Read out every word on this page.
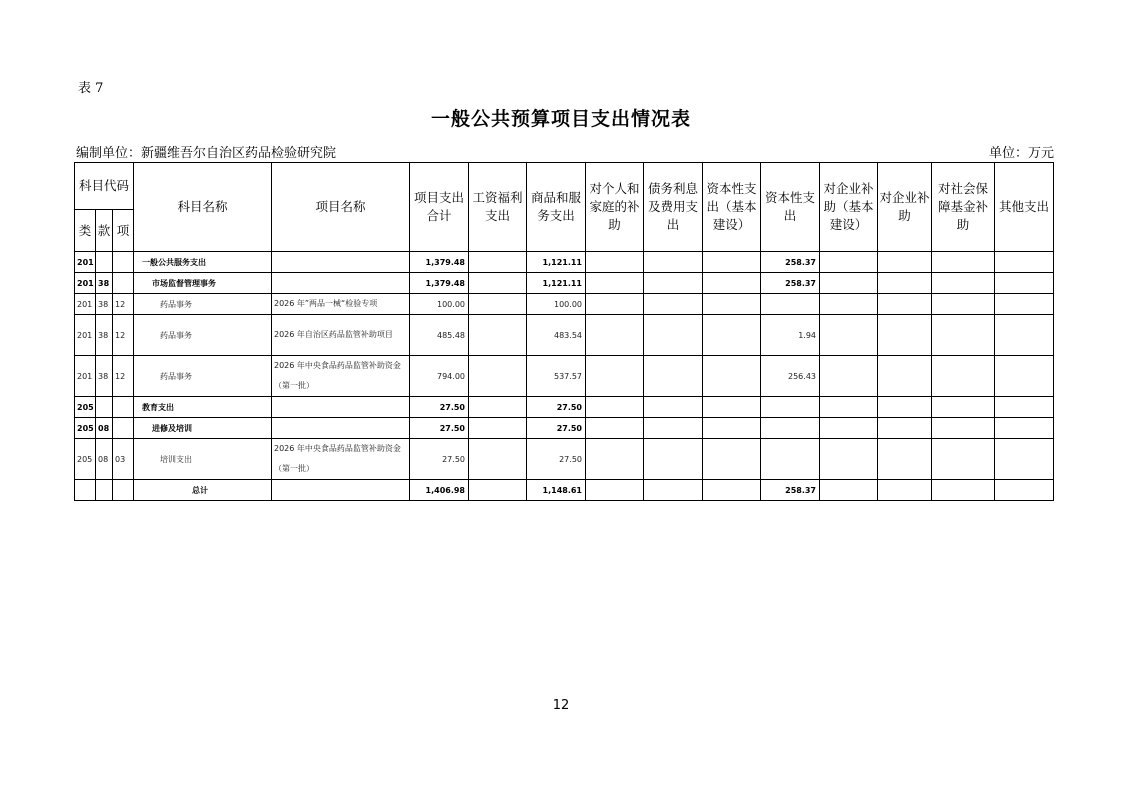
表 7
一般公共预算项目支出情况表
编制单位：新疆维吾尔自治区药品检验研究院	单位：万元
科目代码			科目名称	项目名称	项目支出合计	工资福利支出	商品和服务支出	对个人和家庭的补助	债务利息及费用支出	资本性支出（基本建设）	资本性支出	对企业补助（基本建设）	对企业补助	对社会保障基金补助	其他支出
类	款	项													
201			一般公共服务支出		1,379.48		1,121.11				258.37				
201	38		市场监督管理事务		1,379.48		1,121.11				258.37				
201	38	12	药品事务	2026 年”两品一械“检验专项	100.00		100.00								
201	38	12	药品事务	2026 年自治区药品监管补助项目	485.48		483.54				1.94				
201	38	12	药品事务	2026 年中央食品药品监管补助资金（第一批）	794.00		537.57				256.43				
205			教育支出		27.50		27.50								
205	08		进修及培训		27.50		27.50								
205	08	03	培训支出	2026 年中央食品药品监管补助资金（第一批）	27.50		27.50								
			总计		1,406.98		1,148.61				258.37				
12
